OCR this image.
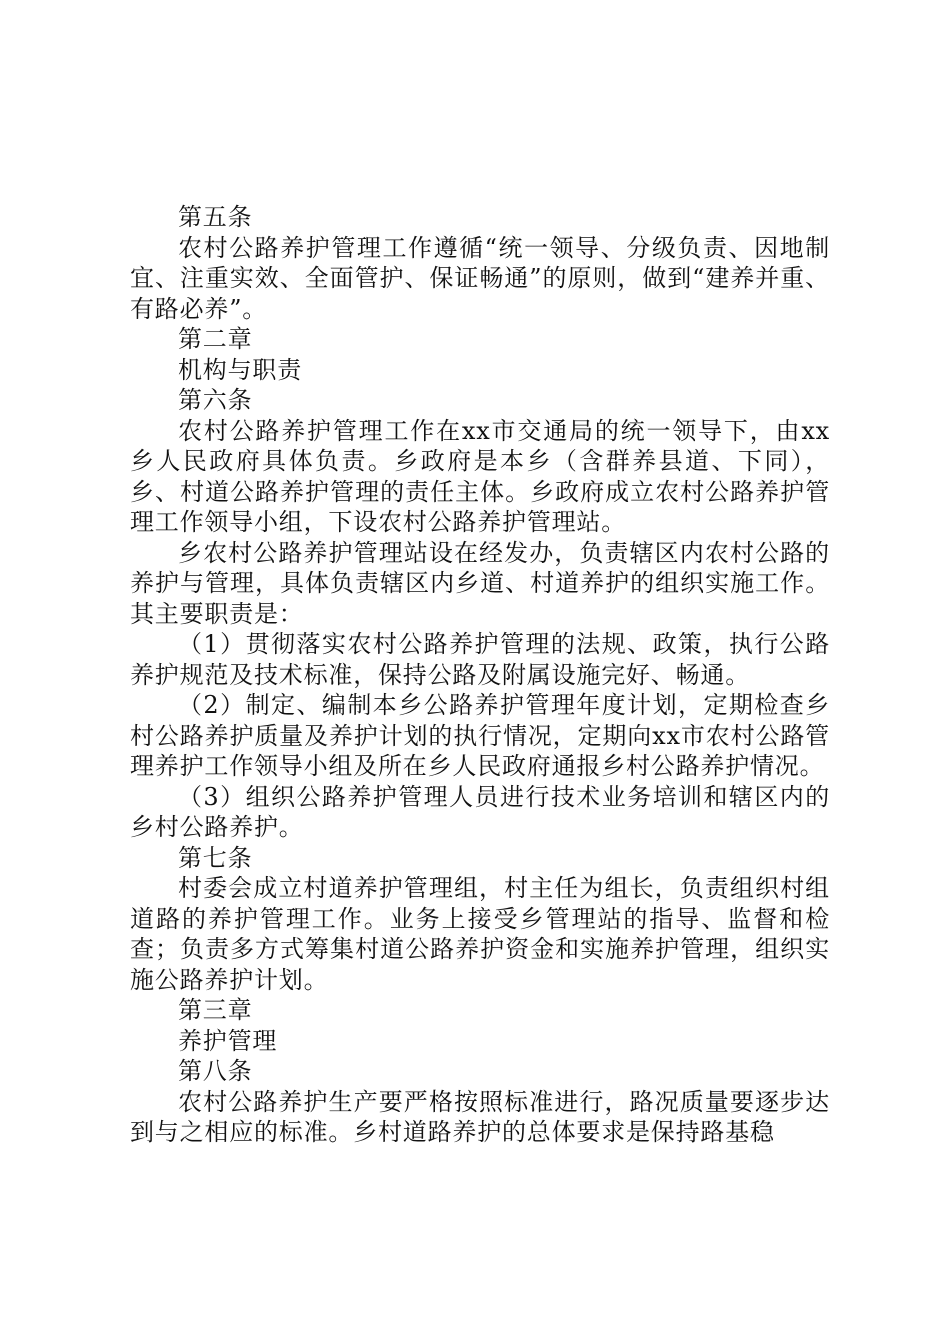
第五条

农村公路养护管理工作遵循“统一领导、分级负责、因地制宜、注重实效、全面管护、保证畅通”的原则，做到“建养并重、有路必养”。

第二章

机构与职责

第六条

农村公路养护管理工作在xx市交通局的统一领导下，由xx乡人民政府具体负责。乡政府是本乡（含群养县道、下同），乡、村道公路养护管理的责任主体。乡政府成立农村公路养护管理工作领导小组，下设农村公路养护管理站。

乡农村公路养护管理站设在经发办，负责辖区内农村公路的养护与管理，具体负责辖区内乡道、村道养护的组织实施工作。其主要职责是：

（1）贯彻落实农村公路养护管理的法规、政策，执行公路养护规范及技术标准，保持公路及附属设施完好、畅通。

（2）制定、编制本乡公路养护管理年度计划，定期检查乡村公路养护质量及养护计划的执行情况，定期向xx市农村公路管理养护工作领导小组及所在乡人民政府通报乡村公路养护情况。

（3）组织公路养护管理人员进行技术业务培训和辖区内的乡村公路养护。

第七条

村委会成立村道养护管理组，村主任为组长，负责组织村组道路的养护管理工作。业务上接受乡管理站的指导、监督和检查；负责多方式筹集村道公路养护资金和实施养护管理，组织实施公路养护计划。

第三章

养护管理

第八条

农村公路养护生产要严格按照标准进行，路况质量要逐步达到与之相应的标准。乡村道路养护的总体要求是保持路基稳
